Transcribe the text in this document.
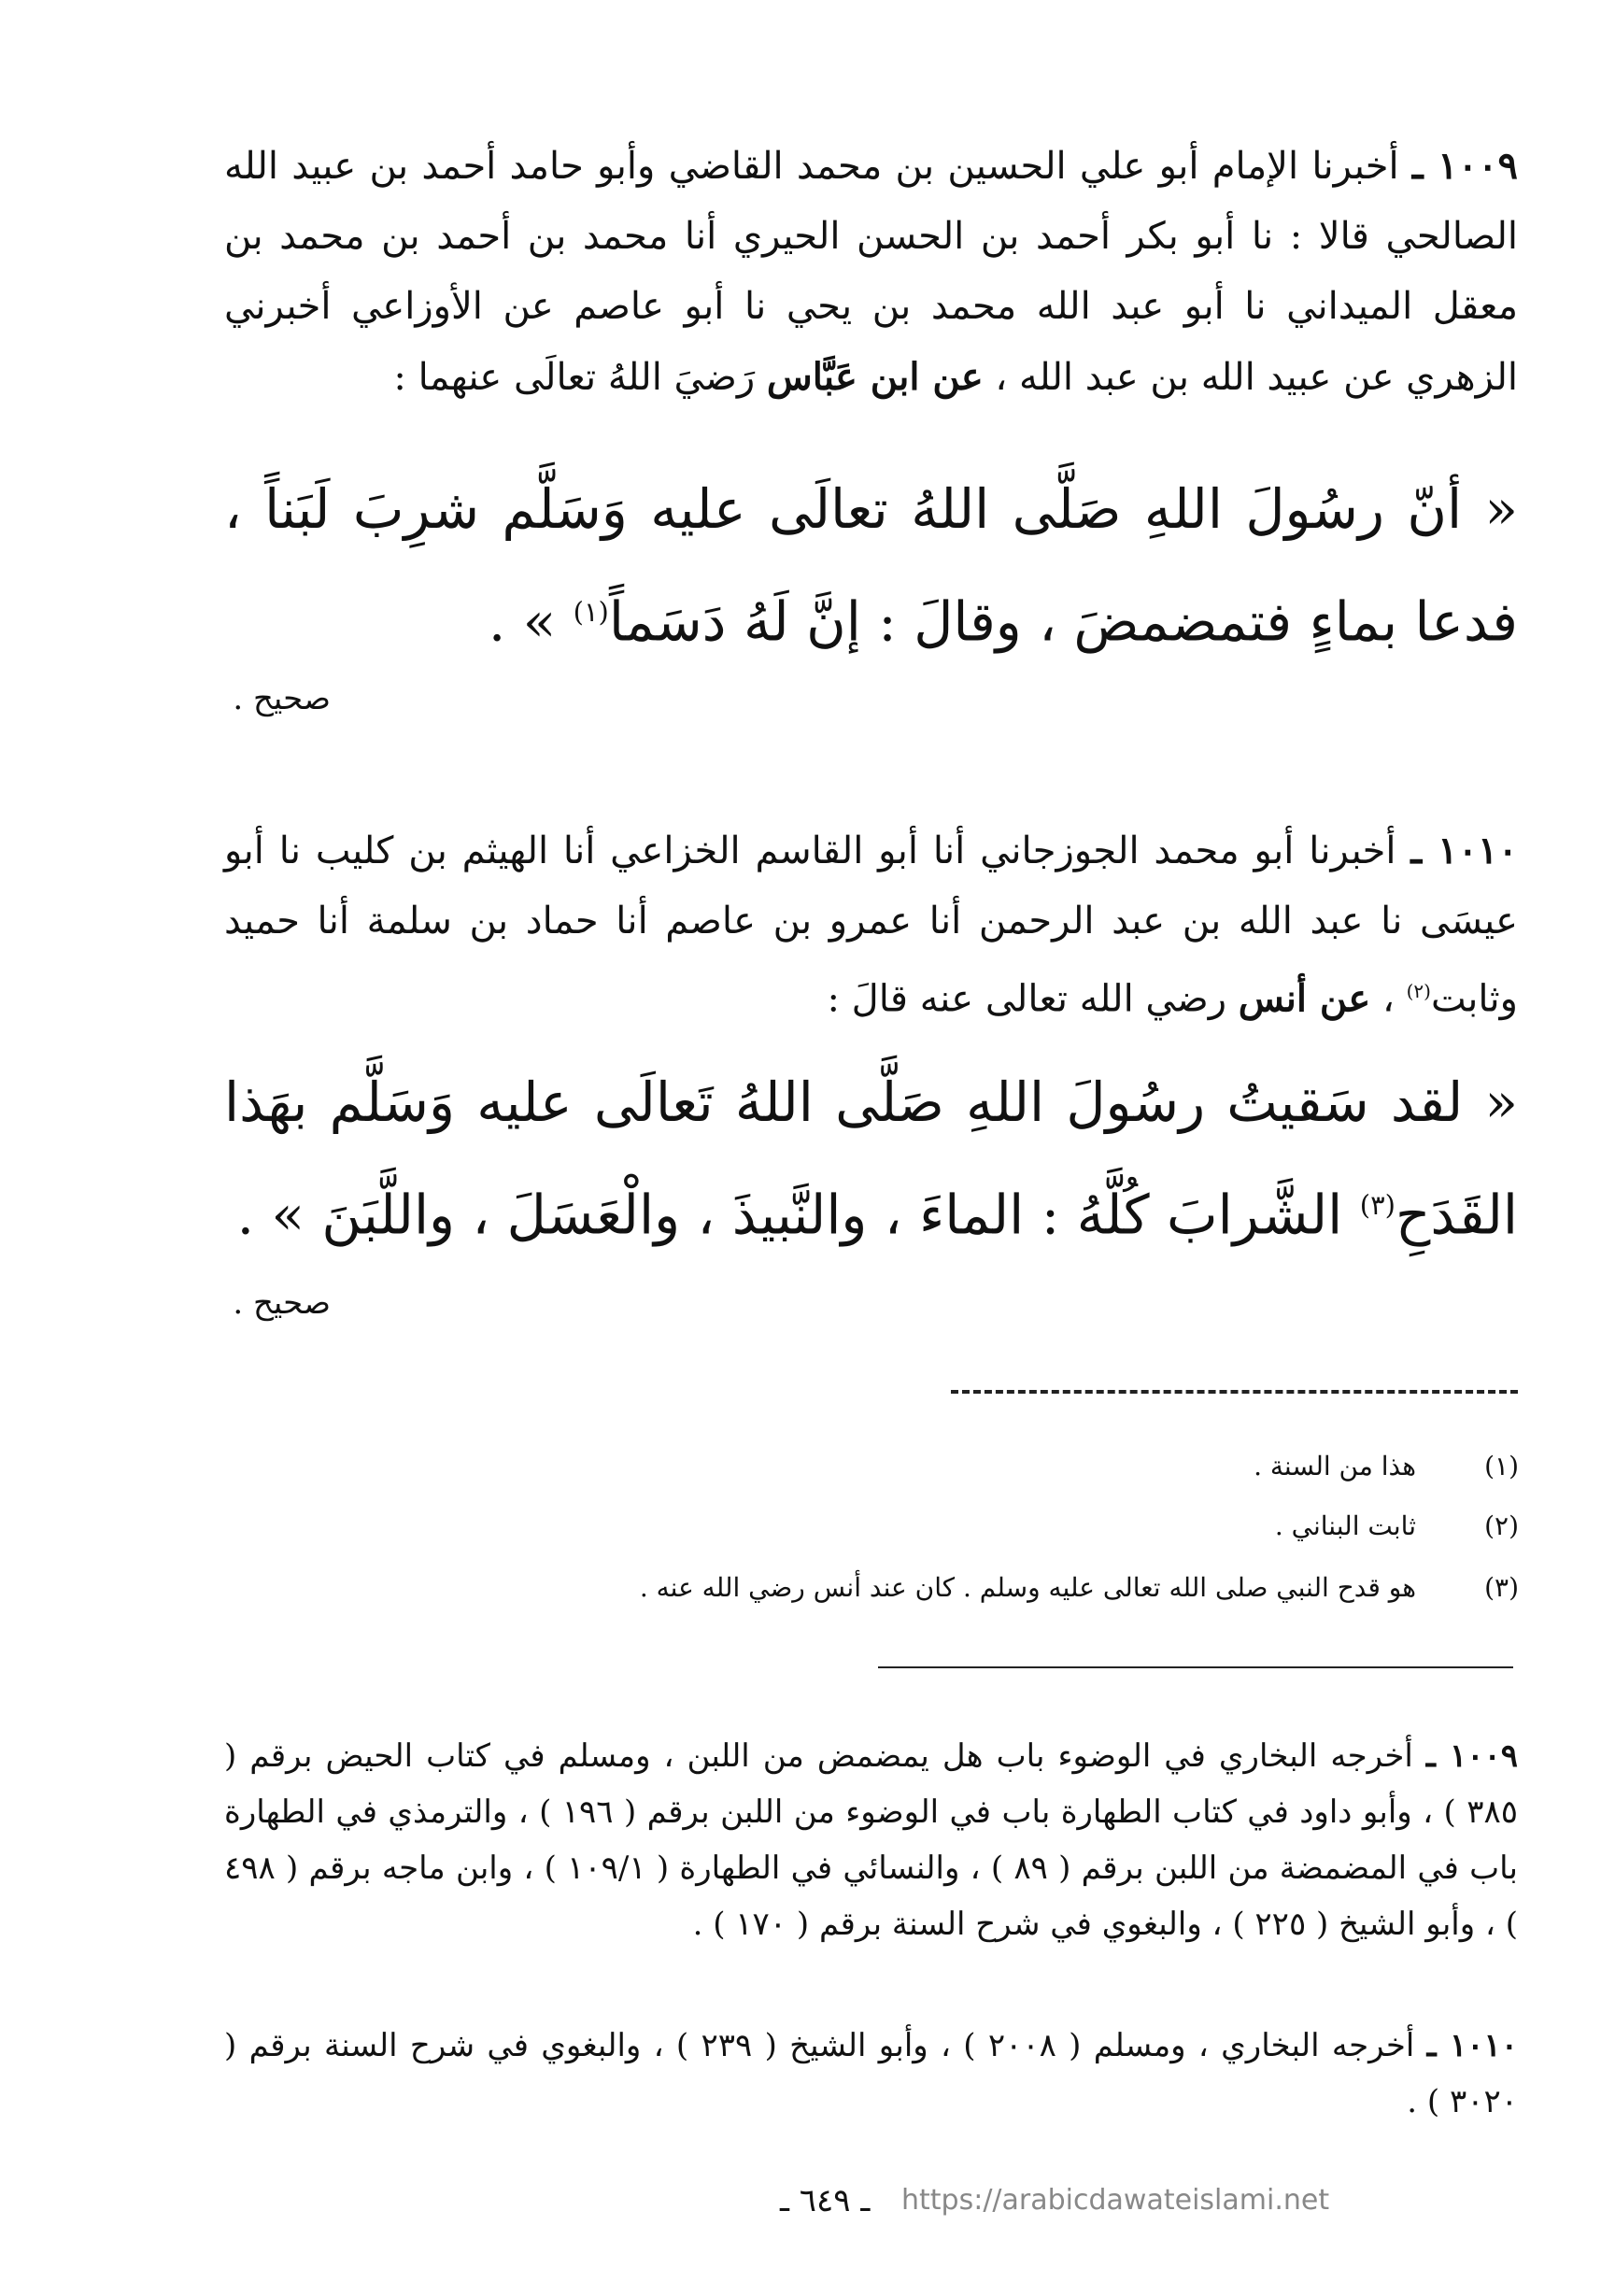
١٠٠٩ ـ أخبرنا الإمام أبو علي الحسين بن محمد القاضي وأبو حامد أحمد بن عبيد الله الصالحي قالا : نا أبو بكر أحمد بن الحسن الحيري أنا محمد بن أحمد بن محمد بن معقل الميداني نا أبو عبد الله محمد بن يحي نا أبو عاصم عن الأوزاعي أخبرني الزهري عن عبيد الله بن عبد الله ، عن ابن عَبَّاس رَضيَ اللهُ تعالَى عنهما :
« أنّ رسُولَ اللهِ صَلَّى اللهُ تعالَى عليه وَسَلَّم شرِبَ لَبَناً ، فدعا بماءٍ فتمضمضَ ، وقالَ : إنَّ لَهُ دَسَماً$^{(١)}$ » .
صحيح .
١٠١٠ ـ أخبرنا أبو محمد الجوزجاني أنا أبو القاسم الخزاعي أنا الهيثم بن كليب نا أبو عيسَى نا عبد الله بن عبد الرحمن أنا عمرو بن عاصم أنا حماد بن سلمة أنا حميد وثابت$^{(٢)}$ ، عن أنس رضي الله تعالى عنه قالَ :
« لقد سَقيتُ رسُولَ اللهِ صَلَّى اللهُ تَعالَى عليه وَسَلَّم بهَذا القَدَحِ$^{(٣)}$ الشَّرابَ كُلَّهُ : الماءَ ، والنَّبيذَ ، والْعَسَلَ ، واللَّبَنَ » .
صحيح .
(١)هذا من السنة .
(٢)ثابت البناني .
(٣)هو قدح النبي صلى الله تعالى عليه وسلم . كان عند أنس رضي الله عنه .
١٠٠٩ ـ أخرجه البخاري في الوضوء باب هل يمضمض من اللبن ، ومسلم في كتاب الحيض برقم ( ٣٨٥ ) ، وأبو داود في كتاب الطهارة باب في الوضوء من اللبن برقم ( ١٩٦ ) ، والترمذي في الطهارة باب في المضمضة من اللبن برقم ( ٨٩ ) ، والنسائي في الطهارة ( ١٠٩/١ ) ، وابن ماجه برقم ( ٤٩٨ ) ، وأبو الشيخ ( ٢٢٥ ) ، والبغوي في شرح السنة برقم ( ١٧٠ ) .
١٠١٠ ـ أخرجه البخاري ، ومسلم ( ٢٠٠٨ ) ، وأبو الشيخ ( ٢٣٩ ) ، والبغوي في شرح السنة برقم ( ٣٠٢٠ ) .
ـ ٦٤٩ ـ https://arabicdawateislami.net
